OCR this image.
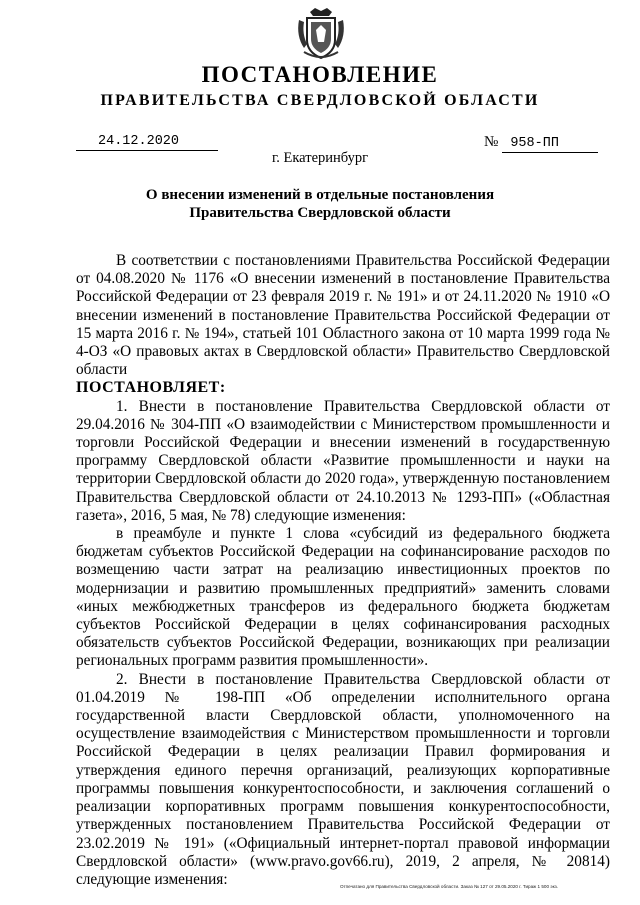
ПОСТАНОВЛЕНИЕ
ПРАВИТЕЛЬСТВА СВЕРДЛОВСКОЙ ОБЛАСТИ
24.12.2020	№ 958-ПП
г. Екатеринбург
О внесении изменений в отдельные постановления
Правительства Свердловской области

В соответствии с постановлениями Правительства Российской Федерации от 04.08.2020 № 1176 «О внесении изменений в постановление Правительства Российской Федерации от 23 февраля 2019 г. № 191» и от 24.11.2020 № 1910 «О внесении изменений в постановление Правительства Российской Федерации от 15 марта 2016 г. № 194», статьей 101 Областного закона от 10 марта 1999 года № 4-ОЗ «О правовых актах в Свердловской области» Правительство Свердловской области

ПОСТАНОВЛЯЕТ:

1. Внести в постановление Правительства Свердловской области от 29.04.2016 № 304-ПП «О взаимодействии с Министерством промышленности и торговли Российской Федерации и внесении изменений в государственную программу Свердловской области «Развитие промышленности и науки на территории Свердловской области до 2020 года», утвержденную постановлением Правительства Свердловской области от 24.10.2013 № 1293-ПП» («Областная газета», 2016, 5 мая, № 78) следующие изменения:

в преамбуле и пункте 1 слова «субсидий из федерального бюджета бюджетам субъектов Российской Федерации на софинансирование расходов по возмещению части затрат на реализацию инвестиционных проектов по модернизации и развитию промышленных предприятий» заменить словами «иных межбюджетных трансферов из федерального бюджета бюджетам субъектов Российской Федерации в целях софинансирования расходных обязательств субъектов Российской Федерации, возникающих при реализации региональных программ развития промышленности».

2. Внести в постановление Правительства Свердловской области от 01.04.2019 № 198-ПП «Об определении исполнительного органа государственной власти Свердловской области, уполномоченного на осуществление взаимодействия с Министерством промышленности и торговли Российской Федерации в целях реализации Правил формирования и утверждения единого перечня организаций, реализующих корпоративные программы повышения конкурентоспособности, и заключения соглашений о реализации корпоративных программ повышения конкурентоспособности, утвержденных постановлением Правительства Российской Федерации от 23.02.2019 № 191» («Официальный интернет-портал правовой информации Свердловской области» (www.pravo.gov66.ru), 2019, 2 апреля, № 20814) следующие изменения:	Отпечатано для Правительства Свердловской области. Заказ № 127 от 29.05.2020 г. Тираж 1 500 экз.
